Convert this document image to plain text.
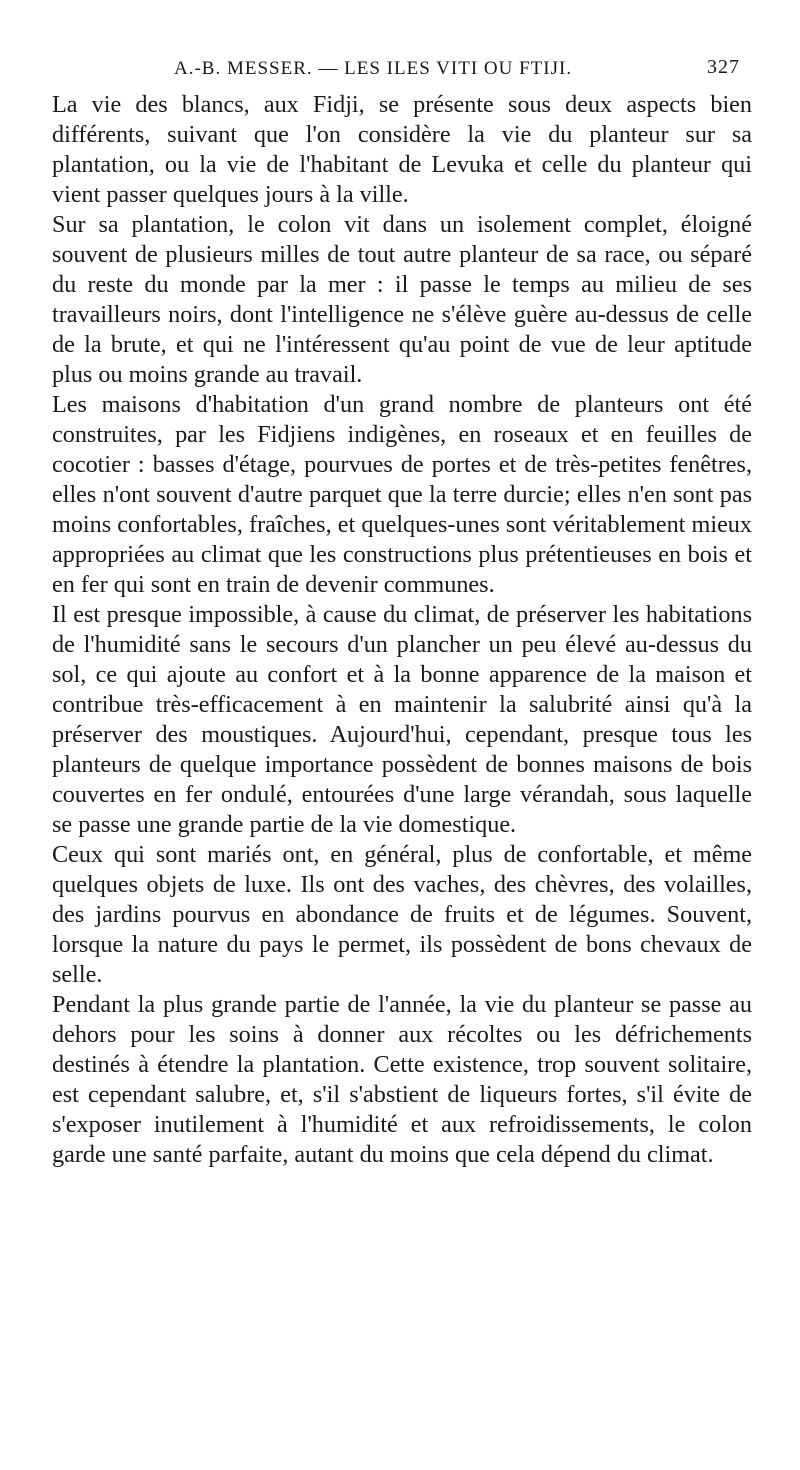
A.-B. MESSER. — LES ILES VITI OU FTIJI.	327

La vie des blancs, aux Fidji, se présente sous deux aspects bien différents, suivant que l'on considère la vie du planteur sur sa plantation, ou la vie de l'habitant de Levuka et celle du planteur qui vient passer quelques jours à la ville.

Sur sa plantation, le colon vit dans un isolement complet, éloigné souvent de plusieurs milles de tout autre planteur de sa race, ou séparé du reste du monde par la mer : il passe le temps au milieu de ses travailleurs noirs, dont l'intelligence ne s'élève guère au-dessus de celle de la brute, et qui ne l'intéressent qu'au point de vue de leur aptitude plus ou moins grande au travail.

Les maisons d'habitation d'un grand nombre de planteurs ont été construites, par les Fidjiens indigènes, en roseaux et en feuilles de cocotier : basses d'étage, pourvues de portes et de très-petites fenêtres, elles n'ont souvent d'autre parquet que la terre durcie; elles n'en sont pas moins confortables, fraîches, et quelques-unes sont véritablement mieux appropriées au climat que les constructions plus prétentieuses en bois et en fer qui sont en train de devenir communes.

Il est presque impossible, à cause du climat, de préserver les habitations de l'humidité sans le secours d'un plancher un peu élevé au-dessus du sol, ce qui ajoute au confort et à la bonne apparence de la maison et contribue très-efficacement à en maintenir la salubrité ainsi qu'à la préserver des moustiques. Aujourd'hui, cependant, presque tous les planteurs de quelque importance possèdent de bonnes maisons de bois couvertes en fer ondulé, entourées d'une large vérandah, sous laquelle se passe une grande partie de la vie domestique.

Ceux qui sont mariés ont, en général, plus de confortable, et même quelques objets de luxe. Ils ont des vaches, des chèvres, des volailles, des jardins pourvus en abondance de fruits et de légumes. Souvent, lorsque la nature du pays le permet, ils possèdent de bons chevaux de selle.

Pendant la plus grande partie de l'année, la vie du planteur se passe au dehors pour les soins à donner aux récoltes ou les défrichements destinés à étendre la plantation. Cette existence, trop souvent solitaire, est cependant salubre, et, s'il s'abstient de liqueurs fortes, s'il évite de s'exposer inutilement à l'humidité et aux refroidissements, le colon garde une santé parfaite, autant du moins que cela dépend du climat.
